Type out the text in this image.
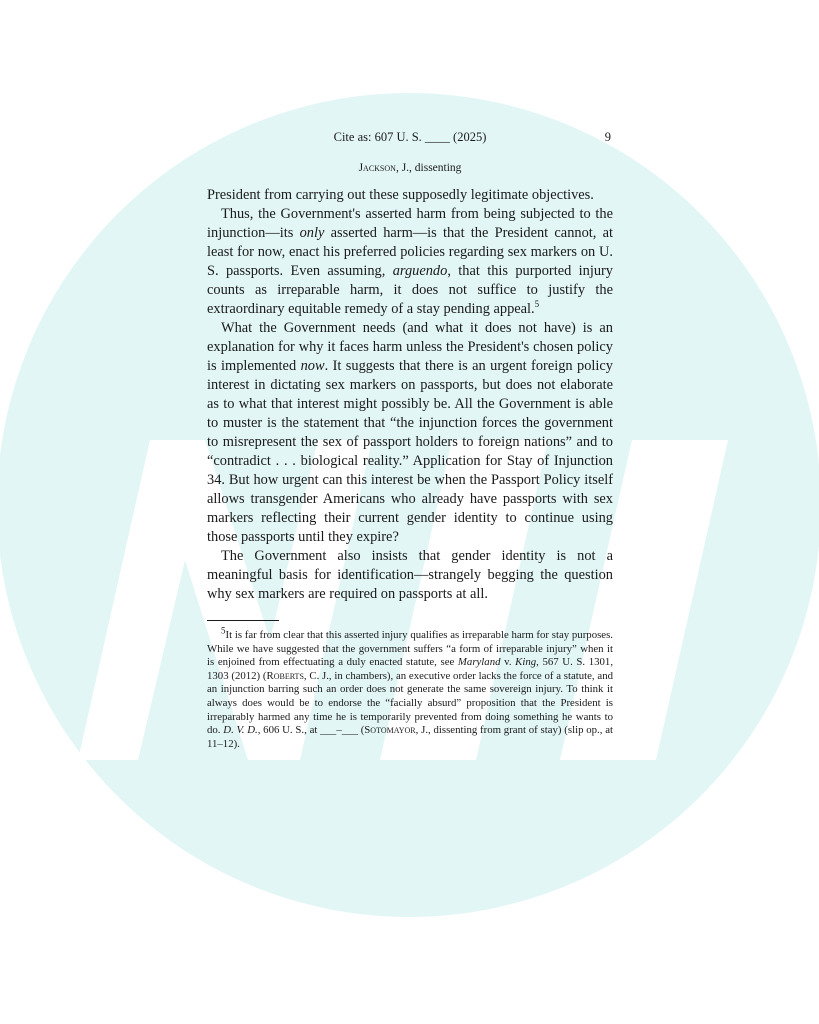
Cite as: 607 U. S. ____ (2025)	9
Jackson, J., dissenting

President from carrying out these supposedly legitimate objectives.

Thus, the Government's asserted harm from being subjected to the injunction—its only asserted harm—is that the President cannot, at least for now, enact his preferred policies regarding sex markers on U. S. passports. Even assuming, arguendo, that this purported injury counts as irreparable harm, it does not suffice to justify the extraordinary equitable remedy of a stay pending appeal.$^5$

What the Government needs (and what it does not have) is an explanation for why it faces harm unless the President's chosen policy is implemented now. It suggests that there is an urgent foreign policy interest in dictating sex markers on passports, but does not elaborate as to what that interest might possibly be. All the Government is able to muster is the statement that “the injunction forces the government to misrepresent the sex of passport holders to foreign nations” and to “contradict . . . biological reality.” Application for Stay of Injunction 34. But how urgent can this interest be when the Passport Policy itself allows transgender Americans who already have passports with sex markers reflecting their current gender identity to continue using those passports until they expire?

The Government also insists that gender identity is not a meaningful basis for identification—strangely begging the question why sex markers are required on passports at all.

$^5$It is far from clear that this asserted injury qualifies as irreparable harm for stay purposes. While we have suggested that the government suffers “a form of irreparable injury” when it is enjoined from effectuating a duly enacted statute, see Maryland v. King, 567 U. S. 1301, 1303 (2012) (Roberts, C. J., in chambers), an executive order lacks the force of a statute, and an injunction barring such an order does not generate the same sovereign injury. To think it always does would be to endorse the “facially absurd” proposition that the President is irreparably harmed any time he is temporarily prevented from doing something he wants to do. D. V. D., 606 U. S., at ___–___ (Sotomayor, J., dissenting from grant of stay) (slip op., at 11–12).
